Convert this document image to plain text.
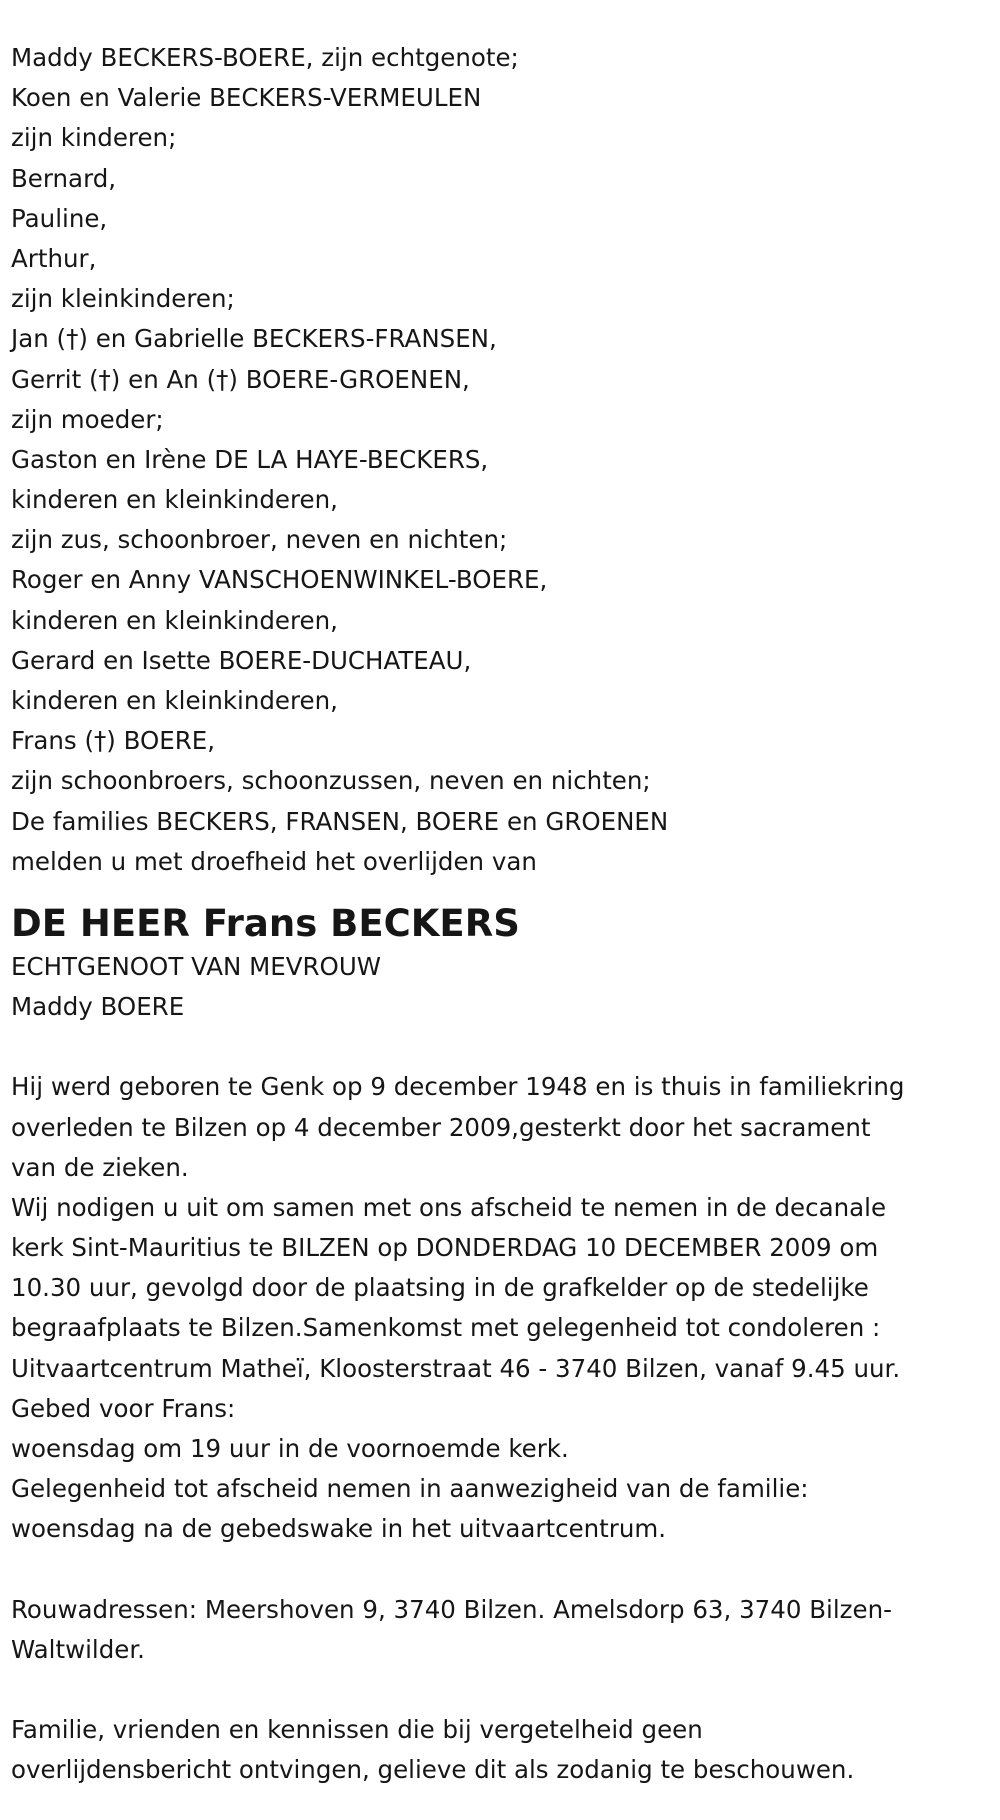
Maddy BECKERS-BOERE, zijn echtgenote;
Koen en Valerie BECKERS-VERMEULEN
zijn kinderen;
Bernard,
Pauline,
Arthur,
zijn kleinkinderen;
Jan (†) en Gabrielle BECKERS-FRANSEN,
Gerrit (†) en An (†) BOERE-GROENEN,
zijn moeder;
Gaston en Irène DE LA HAYE-BECKERS,
kinderen en kleinkinderen,
zijn zus, schoonbroer, neven en nichten;
Roger en Anny VANSCHOENWINKEL-BOERE,
kinderen en kleinkinderen,
Gerard en Isette BOERE-DUCHATEAU,
kinderen en kleinkinderen,
Frans (†) BOERE,
zijn schoonbroers, schoonzussen, neven en nichten;
De families BECKERS, FRANSEN, BOERE en GROENEN
melden u met droefheid het overlijden van
DE HEER Frans BECKERS
ECHTGENOOT VAN MEVROUW
Maddy BOERE
Hij werd geboren te Genk op 9 december 1948 en is thuis in familiekring
overleden te Bilzen op 4 december 2009,gesterkt door het sacrament
van de zieken.
Wij nodigen u uit om samen met ons afscheid te nemen in de decanale
kerk Sint-Mauritius te BILZEN op DONDERDAG 10 DECEMBER 2009 om
10.30 uur, gevolgd door de plaatsing in de grafkelder op de stedelijke
begraafplaats te Bilzen.Samenkomst met gelegenheid tot condoleren :
Uitvaartcentrum Matheï, Kloosterstraat 46 - 3740 Bilzen, vanaf 9.45 uur.
Gebed voor Frans:
woensdag om 19 uur in de voornoemde kerk.
Gelegenheid tot afscheid nemen in aanwezigheid van de familie:
woensdag na de gebedswake in het uitvaartcentrum.
Rouwadressen: Meershoven 9, 3740 Bilzen. Amelsdorp 63, 3740 Bilzen-
Waltwilder.
Familie, vrienden en kennissen die bij vergetelheid geen
overlijdensbericht ontvingen, gelieve dit als zodanig te beschouwen.
